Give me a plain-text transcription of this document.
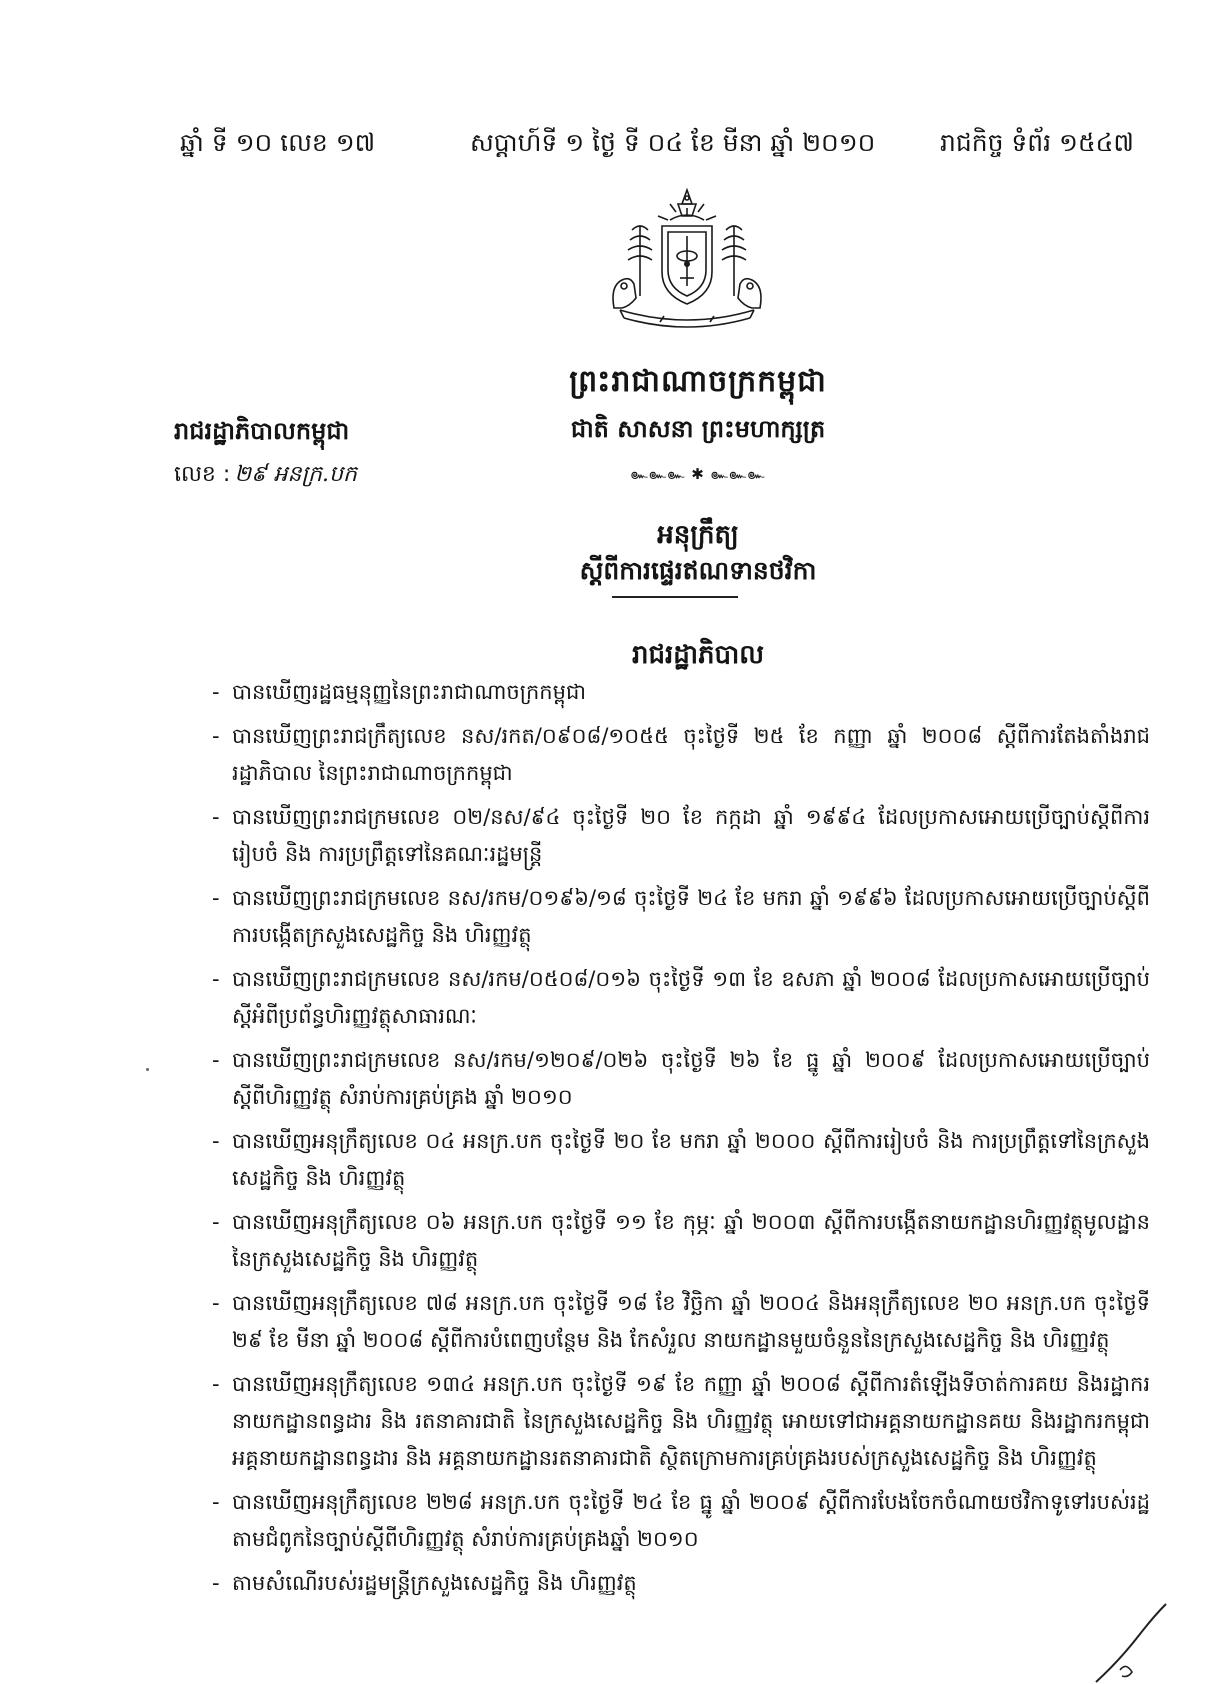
ឆ្នាំ ទី ១០ លេខ ១៧	សប្តាហ៍ទី ១ ថ្ងៃ ទី ០៤ ខែ មីនា ឆ្នាំ ២០១០	រាជកិច្ច ទំព័រ ១៥៤៧
ព្រះរាជាណាចក្រកម្ពុជា
ជាតិ សាសនា ព្រះមហាក្សត្រ
๛๛๛ ✱ ๛๛๛
រាជរដ្ឋាភិបាលកម្ពុជា
លេខ : ២៩ អនក្រ.បក
អនុក្រឹត្យ
ស្តីពីការផ្ទេរឥណទានថវិកា
រាជរដ្ឋាភិបាល
- បានឃើញរដ្ឋធម្មនុញ្ញនៃព្រះរាជាណាចក្រកម្ពុជា
- បានឃើញព្រះរាជក្រឹត្យលេខ នស/រកត/០៩០៨/១០៥៥ ចុះថ្ងៃទី ២៥ ខែ កញ្ញា ឆ្នាំ ២០០៨ ស្តីពីការតែងតាំងរាជរដ្ឋាភិបាល នៃព្រះរាជាណាចក្រកម្ពុជា
- បានឃើញព្រះរាជក្រមលេខ ០២/នស/៩៤ ចុះថ្ងៃទី ២០ ខែ កក្កដា ឆ្នាំ ១៩៩៤ ដែលប្រកាសអោយប្រើច្បាប់ស្តីពីការរៀបចំ និង ការប្រព្រឹត្តទៅនៃគណៈរដ្ឋមន្ត្រី
- បានឃើញព្រះរាជក្រមលេខ នស/រកម/០១៩៦/១៨ ចុះថ្ងៃទី ២៤ ខែ មករា ឆ្នាំ ១៩៩៦ ដែលប្រកាសអោយប្រើច្បាប់ស្តីពីការបង្កើតក្រសួងសេដ្ឋកិច្ច និង ហិរញ្ញវត្ថុ
- បានឃើញព្រះរាជក្រមលេខ នស/រកម/០៥០៨/០១៦ ចុះថ្ងៃទី ១៣ ខែ ឧសភា ឆ្នាំ ២០០៨ ដែលប្រកាសអោយប្រើច្បាប់ស្តីអំពីប្រព័ន្ធហិរញ្ញវត្ថុសាធារណៈ
- បានឃើញព្រះរាជក្រមលេខ នស/រកម/១២០៩/០២៦ ចុះថ្ងៃទី ២៦ ខែ ធ្នូ ឆ្នាំ ២០០៩ ដែលប្រកាសអោយប្រើច្បាប់ស្តីពីហិរញ្ញវត្ថុ សំរាប់ការគ្រប់គ្រង ឆ្នាំ ២០១០
- បានឃើញអនុក្រឹត្យលេខ ០៤ អនក្រ.បក ចុះថ្ងៃទី ២០ ខែ មករា ឆ្នាំ ២០០០ ស្តីពីការរៀបចំ និង ការប្រព្រឹត្តទៅនៃក្រសួង សេដ្ឋកិច្ច និង ហិរញ្ញវត្ថុ
- បានឃើញអនុក្រឹត្យលេខ ០៦ អនក្រ.បក ចុះថ្ងៃទី ១១ ខែ កុម្ភៈ ឆ្នាំ ២០០៣ ស្តីពីការបង្កើតនាយកដ្ឋានហិរញ្ញវត្ថុមូលដ្ឋាននៃក្រសួងសេដ្ឋកិច្ច និង ហិរញ្ញវត្ថុ
- បានឃើញអនុក្រឹត្យលេខ ៧៨ អនក្រ.បក ចុះថ្ងៃទី ១៨ ខែ វិច្ឆិកា ឆ្នាំ ២០០៤ និងអនុក្រឹត្យលេខ ២០ អនក្រ.បក ចុះថ្ងៃទី ២៩ ខែ មីនា ឆ្នាំ ២០០៨ ស្តីពីការបំពេញបន្ថែម និង កែសំរួល នាយកដ្ឋានមួយចំនួននៃក្រសួងសេដ្ឋកិច្ច និង ហិរញ្ញវត្ថុ
- បានឃើញអនុក្រឹត្យលេខ ១៣៤ អនក្រ.បក ចុះថ្ងៃទី ១៩ ខែ កញ្ញា ឆ្នាំ ២០០៨ ស្តីពីការតំឡើងទីចាត់ការគយ និងរដ្ឋាករ នាយកដ្ឋានពន្ធដារ និង រតនាគារជាតិ នៃក្រសួងសេដ្ឋកិច្ច និង ហិរញ្ញវត្ថុ អោយទៅជាអគ្គនាយកដ្ឋានគយ និងរដ្ឋាករកម្ពុជា អគ្គនាយកដ្ឋានពន្ធដារ និង អគ្គនាយកដ្ឋានរតនាគារជាតិ ស្ថិតក្រោមការគ្រប់គ្រងរបស់ក្រសួងសេដ្ឋកិច្ច និង ហិរញ្ញវត្ថុ
- បានឃើញអនុក្រឹត្យលេខ ២២៨ អនក្រ.បក ចុះថ្ងៃទី ២៤ ខែ ធ្នូ ឆ្នាំ ២០០៩ ស្តីពីការបែងចែកចំណាយថវិកាទូទៅរបស់រដ្ឋតាមជំពូកនៃច្បាប់ស្តីពីហិរញ្ញវត្ថុ សំរាប់ការគ្រប់គ្រងឆ្នាំ ២០១០
- តាមសំណើរបស់រដ្ឋមន្ត្រីក្រសួងសេដ្ឋកិច្ច និង ហិរញ្ញវត្ថុ
